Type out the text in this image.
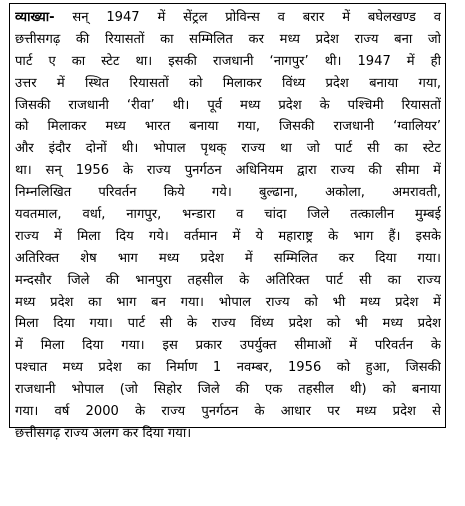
व्याख्या- सन् 1947 में सेंट्रल प्रोविन्स व बरार में बघेलखण्ड व
छत्तीसगढ़ की रियासतों का सम्मिलित कर मध्य प्रदेश राज्य बना जो
पार्ट ए का स्टेट था। इसकी राजधानी ‘नागपुर’ थी। 1947 में ही
उत्तर में स्थित रियासतों को मिलाकर विंध्य प्रदेश बनाया गया,
जिसकी राजधानी ‘रीवा’ थी। पूर्व मध्य प्रदेश के पश्चिमी रियासतों
को मिलाकर मध्य भारत बनाया गया, जिसकी राजधानी ‘ग्वालियर’
और इंदौर दोनों थी। भोपाल पृथक् राज्य था जो पार्ट सी का स्टेट
था। सन् 1956 के राज्य पुनर्गठन अधिनियम द्वारा राज्य की सीमा में
निम्नलिखित परिवर्तन किये गये। बुल्ढाना, अकोला, अमरावती,
यवतमाल, वर्धा, नागपुर, भन्डारा व चांदा जिले तत्कालीन मुम्बई
राज्य में मिला दिय गये। वर्तमान में ये महाराष्ट्र के भाग हैं। इसके
अतिरिक्त शेष भाग मध्य प्रदेश में सम्मिलित कर दिया गया।
मन्दसौर जिले की भानपुरा तहसील के अतिरिक्त पार्ट सी का राज्य
मध्य प्रदेश का भाग बन गया। भोपाल राज्य को भी मध्य प्रदेश में
मिला दिया गया। पार्ट सी के राज्य विंध्य प्रदेश को भी मध्य प्रदेश
में मिला दिया गया। इस प्रकार उपर्युक्त सीमाओं में परिवर्तन के
पश्चात मध्य प्रदेश का निर्माण 1 नवम्बर, 1956 को हुआ, जिसकी
राजधानी भोपाल (जो सिहोर जिले की एक तहसील थी) को बनाया
गया। वर्ष 2000 के राज्य पुनर्गठन के आधार पर मध्य प्रदेश से
छत्तीसगढ़ राज्य अलग कर दिया गया।
